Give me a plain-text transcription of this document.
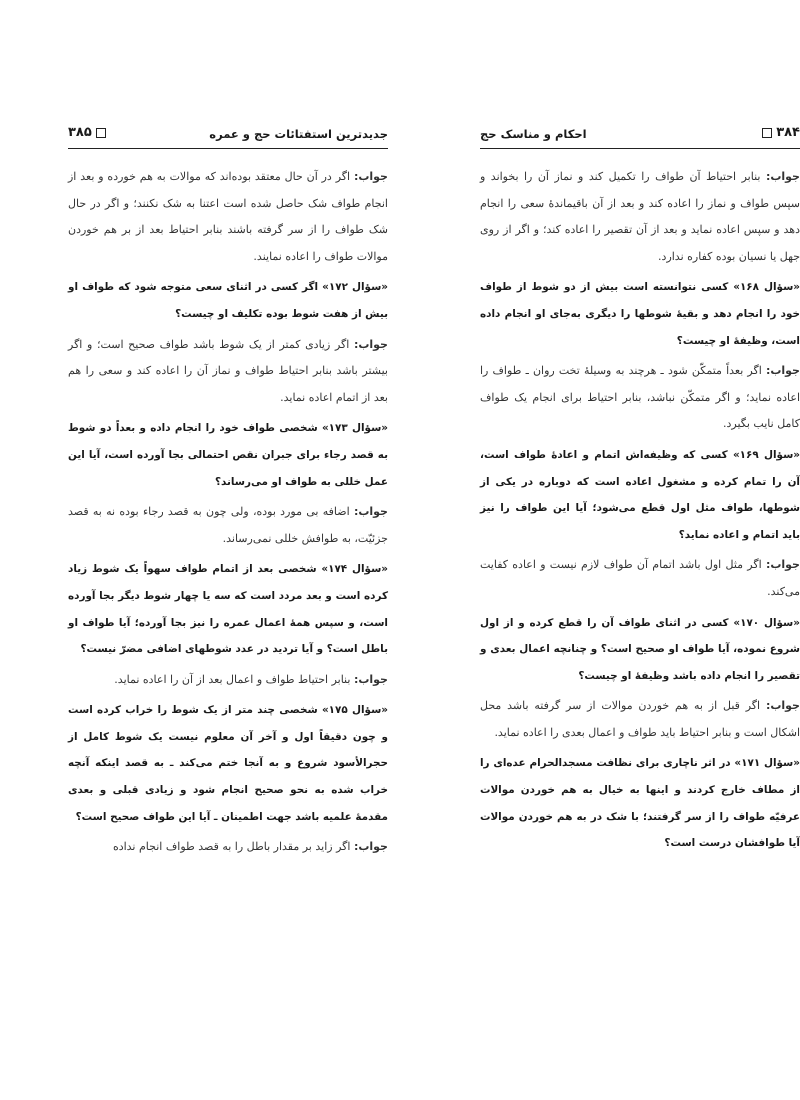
جدیدترین استفتائات حج و عمره
۳۸۵

جواب: اگر در آن حال معتقد بوده‌اند که موالات به هم خورده و بعد از انجام طواف شک حاصل شده است اعتنا به شک نکنند؛ و اگر در حال شک طواف را از سر گرفته باشند بنابر احتیاط بعد از بر هم خوردن موالات طواف را اعاده نمایند.

«سؤال ۱۷۲» اگر کسی در اثنای سعی متوجه شود که طواف او بیش از هفت شوط بوده تکلیف او چیست؟

جواب: اگر زیادی کمتر از یک شوط باشد طواف صحیح است؛ و اگر بیشتر باشد بنابر احتیاط طواف و نماز آن را اعاده کند و سعی را هم بعد از اتمام اعاده نماید.

«سؤال ۱۷۳» شخصی طواف خود را انجام داده و بعداً دو شوط به قصد رجاء برای جبران نقص احتمالی بجا آورده است، آیا این عمل خللی به طواف او می‌رساند؟

جواب: اضافه بی مورد بوده، ولی چون به قصد رجاء بوده نه به قصد جزئیّت، به طوافش خللی نمی‌رساند.

«سؤال ۱۷۴» شخصی بعد از اتمام طواف سهواً یک شوط زیاد کرده است و بعد مردد است که سه یا چهار شوط دیگر بجا آورده است، و سپس همهٔ اعمال عمره را نیز بجا آورده؛ آیا طواف او باطل است؟ و آیا تردید در عدد شوطهای اضافی مضرّ نیست؟

جواب: بنابر احتیاط طواف و اعمال بعد از آن را اعاده نماید.

«سؤال ۱۷۵» شخصی چند متر از یک شوط را خراب کرده است و چون دقیقاً اول و آخر آن معلوم نیست یک شوط کامل از حجرالأسود شروع و به آنجا ختم می‌کند ـ به قصد اینکه آنچه خراب شده به نحو صحیح انجام شود و زیادی قبلی و بعدی مقدمهٔ علمیه باشد جهت اطمینان ـ آیا این طواف صحیح است؟

جواب: اگر زاید بر مقدار باطل را به قصد طواف انجام نداده

۳۸۴
احکام و مناسک حج

جواب: بنابر احتیاط آن طواف را تکمیل کند و نماز آن را بخواند و سپس طواف و نماز را اعاده کند و بعد از آن باقیماندهٔ سعی را انجام دهد و سپس اعاده نماید و بعد از آن تقصیر را اعاده کند؛ و اگر از روی جهل یا نسیان بوده کفاره ندارد.

«سؤال ۱۶۸» کسی نتوانسته است بیش از دو شوط از طواف خود را انجام دهد و بقیهٔ شوطها را دیگری به‌جای او انجام داده است، وظیفهٔ او چیست؟

جواب: اگر بعداً متمکّن شود ـ هرچند به وسیلهٔ تخت روان ـ طواف را اعاده نماید؛ و اگر متمکّن نباشد، بنابر احتیاط برای انجام یک طواف کامل نایب بگیرد.

«سؤال ۱۶۹» کسی که وظیفه‌اش اتمام و اعادهٔ طواف است، آن را تمام کرده و مشغول اعاده است که دوباره در یکی از شوطها، طواف مثل اول قطع می‌شود؛ آیا این طواف را نیز باید اتمام و اعاده نماید؟

جواب: اگر مثل اول باشد اتمام آن طواف لازم نیست و اعاده کفایت می‌کند.

«سؤال ۱۷۰» کسی در اثنای طواف آن را قطع کرده و از اول شروع نموده، آیا طواف او صحیح است؟ و چنانچه اعمال بعدی و تقصیر را انجام داده باشد وظیفهٔ او چیست؟

جواب: اگر قبل از به هم خوردن موالات از سر گرفته باشد محل اشکال است و بنابر احتیاط باید طواف و اعمال بعدی را اعاده نماید.

«سؤال ۱۷۱» در اثر ناچاری برای نظافت مسجدالحرام عده‌ای را از مطاف خارج کردند و اینها به خیال به هم خوردن موالات عرفیّه طواف را از سر گرفتند؛ با شک در به هم خوردن موالات آیا طوافشان درست است؟
